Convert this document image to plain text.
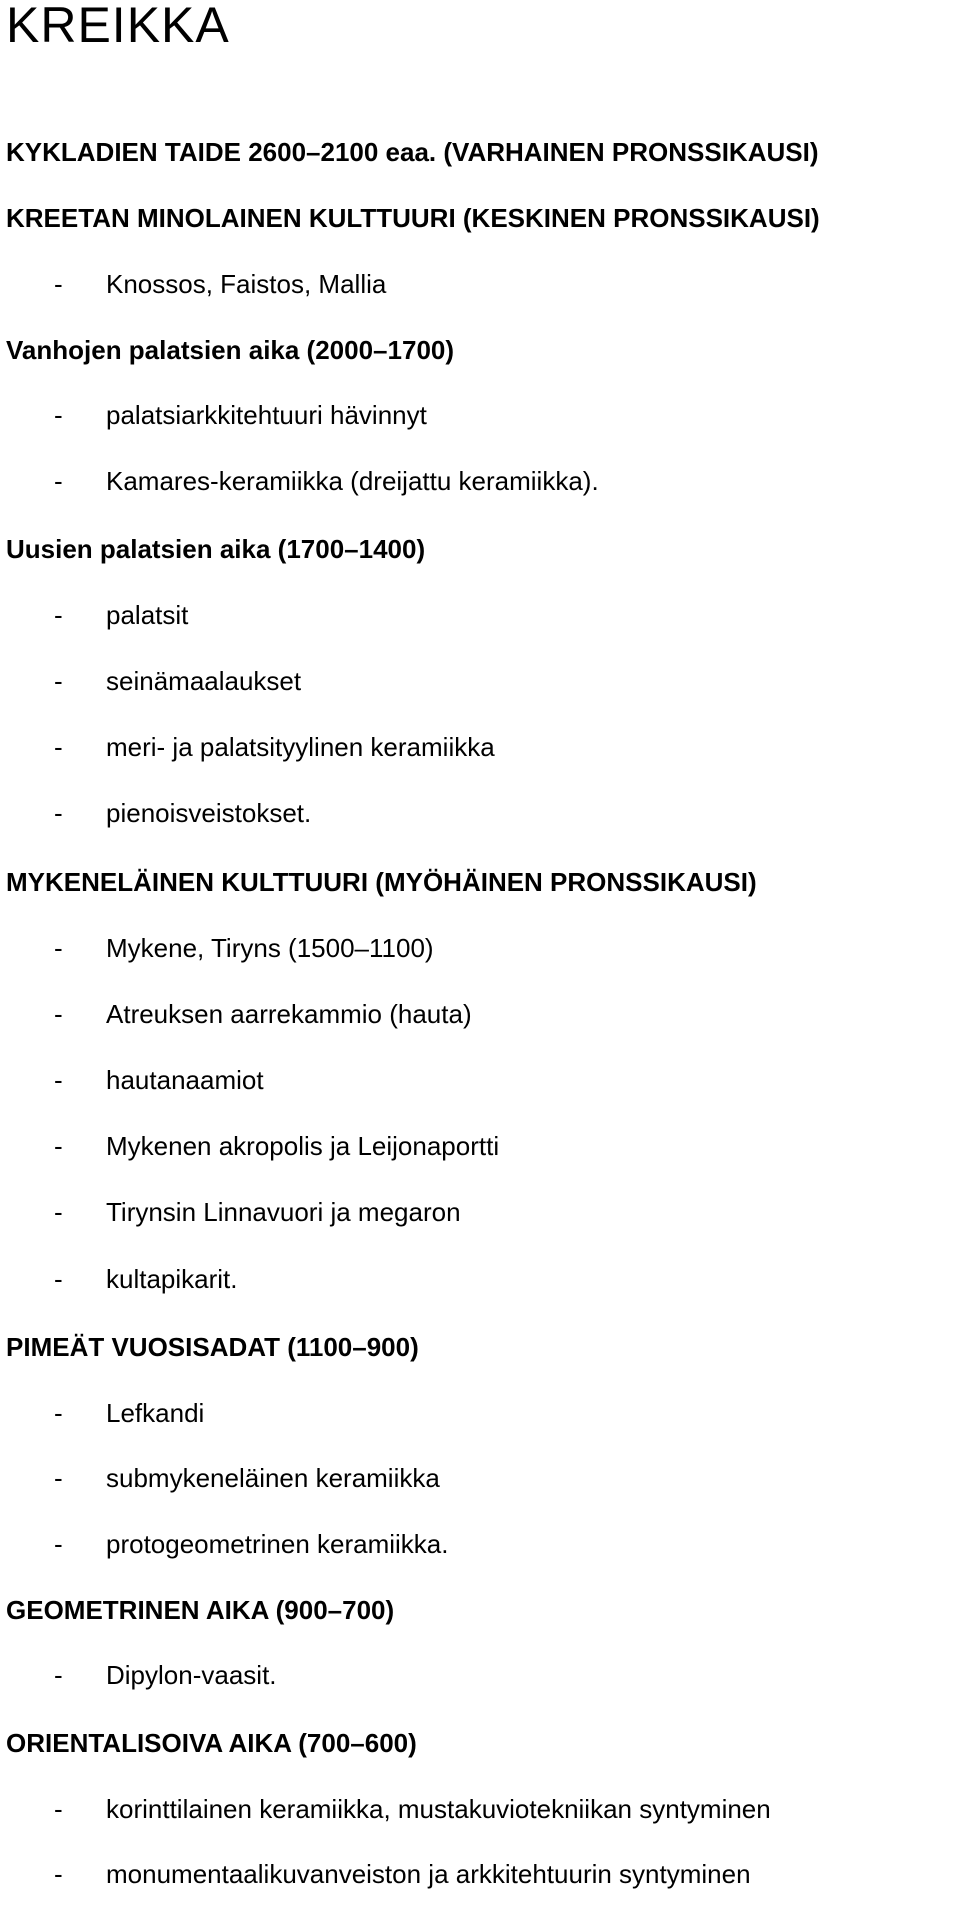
KREIKKA
KYKLADIEN TAIDE 2600–2100 eaa. (VARHAINEN PRONSSIKAUSI)
KREETAN MINOLAINEN KULTTUURI (KESKINEN PRONSSIKAUSI)
-	Knossos, Faistos, Mallia
Vanhojen palatsien aika (2000–1700)
-	palatsiarkkitehtuuri hävinnyt
-	Kamares-keramiikka (dreijattu keramiikka).
Uusien palatsien aika (1700–1400)
-	palatsit
-	seinämaalaukset
-	meri- ja palatsityylinen keramiikka
-	pienoisveistokset.
MYKENELÄINEN KULTTUURI (MYÖHÄINEN PRONSSIKAUSI)
-	Mykene, Tiryns (1500–1100)
-	Atreuksen aarrekammio (hauta)
-	hautanaamiot
-	Mykenen akropolis ja Leijonaportti
-	Tirynsin Linnavuori ja megaron
-	kultapikarit.
PIMEÄT VUOSISADAT (1100–900)
-	Lefkandi
-	submykeneläinen keramiikka
-	protogeometrinen keramiikka.
GEOMETRINEN AIKA (900–700)
-	Dipylon-vaasit.
ORIENTALISOIVA AIKA (700–600)
-	korinttilainen keramiikka, mustakuviotekniikan syntyminen
-	monumentaalikuvanveiston ja arkkitehtuurin syntyminen
